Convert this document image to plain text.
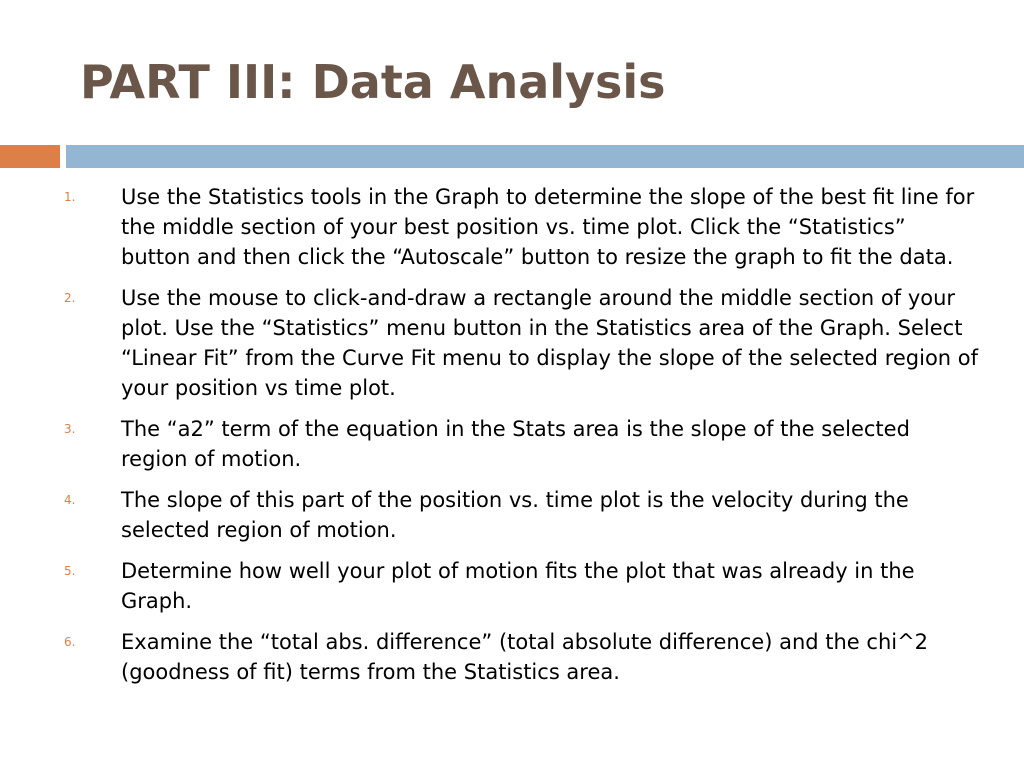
PART III: Data Analysis
1. Use the Statistics tools in the Graph to determine the slope of the best fit line for the middle section of your best position vs. time plot. Click the “Statistics” button and then click the “Autoscale” button to resize the graph to fit the data.
2. Use the mouse to click-and-draw a rectangle around the middle section of your plot. Use the “Statistics” menu button in the Statistics area of the Graph. Select “Linear Fit” from the Curve Fit menu to display the slope of the selected region of your position vs time plot.
3. The “a2” term of the equation in the Stats area is the slope of the selected region of motion.
4. The slope of this part of the position vs. time plot is the velocity during the selected region of motion.
5. Determine how well your plot of motion fits the plot that was already in the Graph.
6. Examine the “total abs. difference” (total absolute difference) and the chi^2 (goodness of fit) terms from the Statistics area.
